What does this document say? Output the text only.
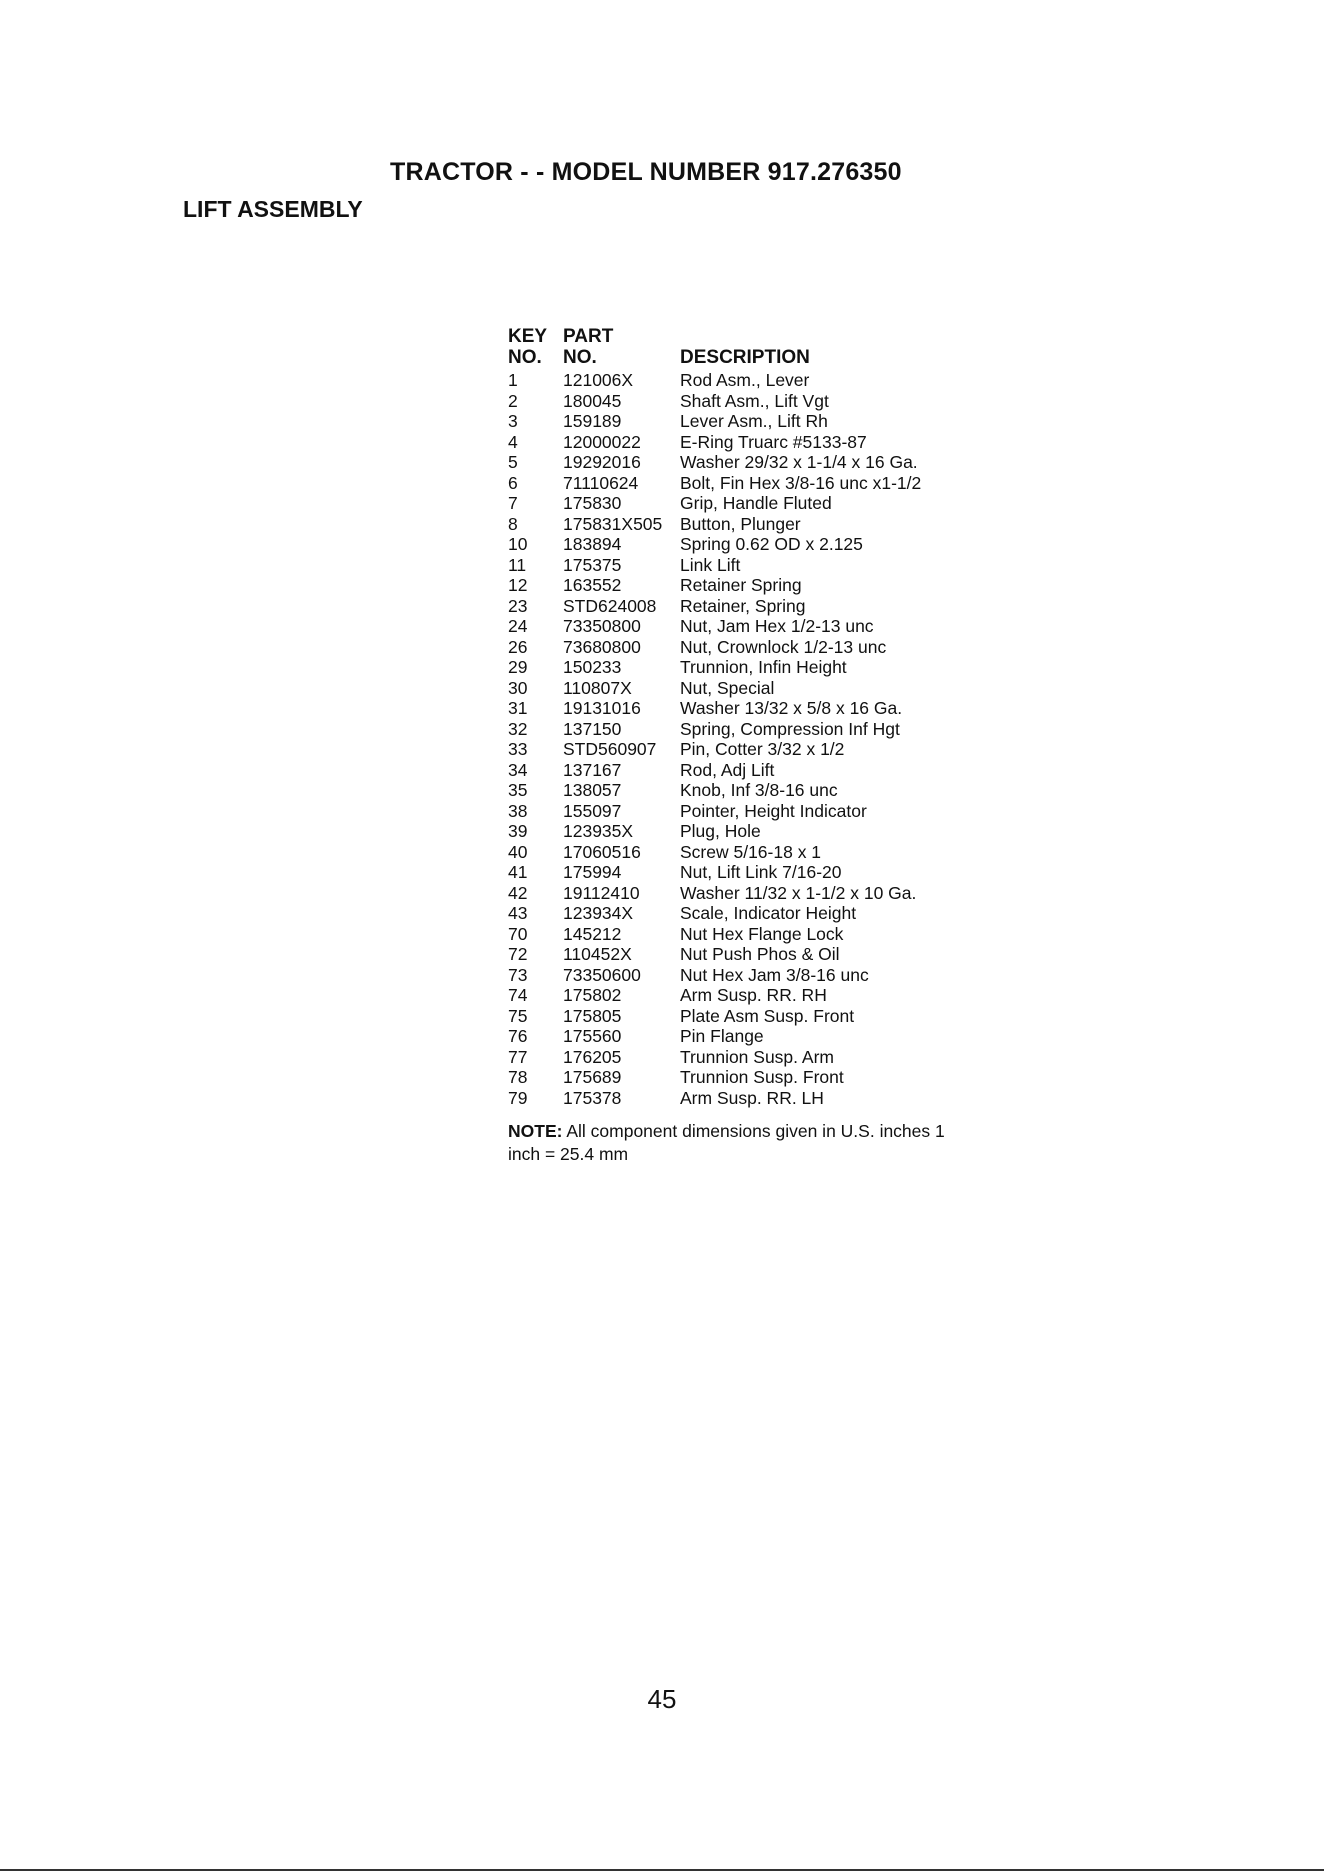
TRACTOR - - MODEL NUMBER 917.276350
LIFT ASSEMBLY
KEY PART
NO.	NO.	DESCRIPTION
1	121006X	Rod Asm., Lever
2	180045	Shaft Asm., Lift Vgt
3	159189	Lever Asm., Lift Rh
4	12000022	E-Ring Truarc #5133-87
5	19292016	Washer 29/32 x 1-1/4 x 16 Ga.
6	71110624	Bolt, Fin Hex 3/8-16 unc x1-1/2
7	175830	Grip, Handle Fluted
8	175831X505	Button, Plunger
10	183894	Spring 0.62 OD x 2.125
11	175375	Link Lift
12	163552	Retainer Spring
23	STD624008	Retainer, Spring
24	73350800	Nut, Jam Hex 1/2-13 unc
26	73680800	Nut, Crownlock 1/2-13 unc
29	150233	Trunnion, Infin Height
30	110807X	Nut, Special
31	19131016	Washer 13/32 x 5/8 x 16 Ga.
32	137150	Spring, Compression Inf Hgt
33	STD560907	Pin, Cotter 3/32 x 1/2
34	137167	Rod, Adj Lift
35	138057	Knob, Inf 3/8-16 unc
38	155097	Pointer, Height Indicator
39	123935X	Plug, Hole
40	17060516	Screw 5/16-18 x 1
41	175994	Nut, Lift Link 7/16-20
42	19112410	Washer 11/32 x 1-1/2 x 10 Ga.
43	123934X	Scale, Indicator Height
70	145212	Nut Hex Flange Lock
72	110452X	Nut Push Phos & Oil
73	73350600	Nut Hex Jam 3/8-16 unc
74	175802	Arm Susp. RR. RH
75	175805	Plate Asm Susp. Front
76	175560	Pin Flange
77	176205	Trunnion Susp. Arm
78	175689	Trunnion Susp. Front
79	175378	Arm Susp. RR. LH
NOTE: All component dimensions given in U.S. inches 1 inch = 25.4 mm
45
